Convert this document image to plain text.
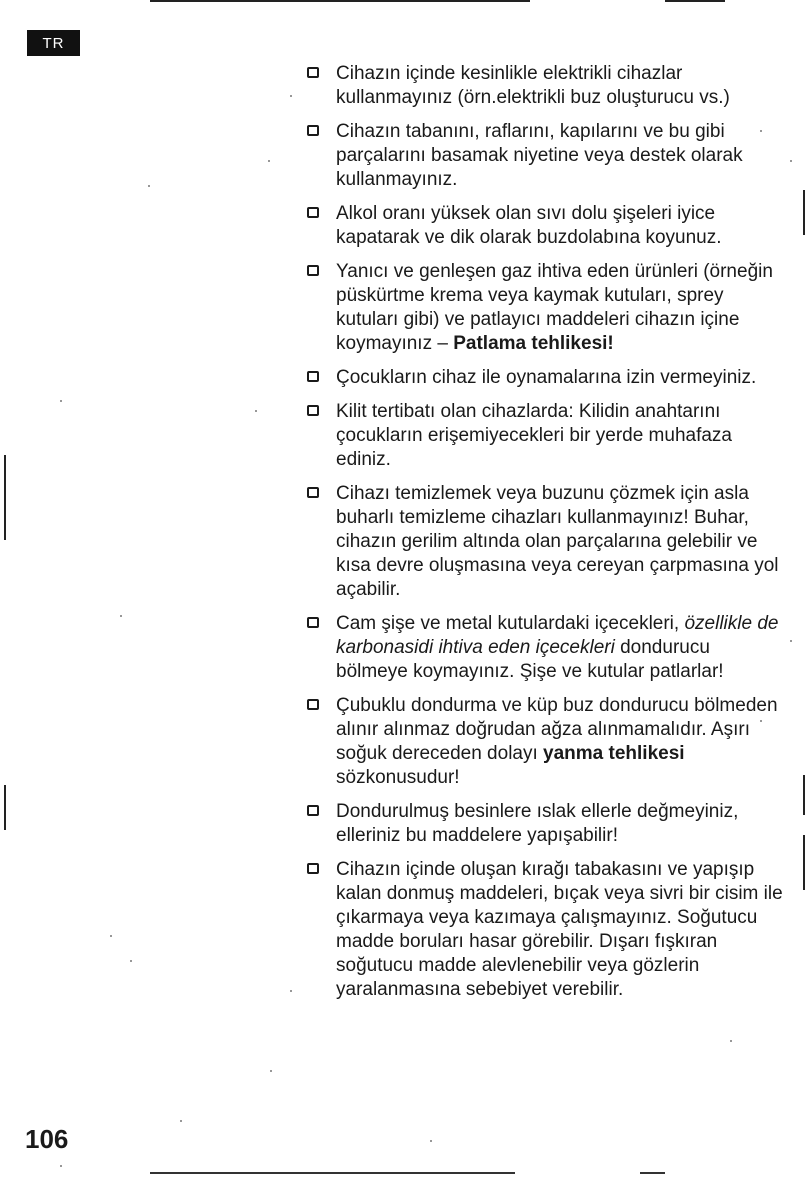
TR

Cihazın içinde kesinlikle elektrikli cihazlar kullanmayınız (örn.elektrikli buz oluşturucu vs.)

Cihazın tabanını, raflarını, kapılarını ve bu gibi parçalarını basamak niyetine veya destek olarak kullanmayınız.

Alkol oranı yüksek olan sıvı dolu şişeleri iyice kapatarak ve dik olarak buzdolabına koyunuz.

Yanıcı ve genleşen gaz ihtiva eden ürünleri (örneğin püskürtme krema veya kaymak kutuları, sprey kutuları gibi) ve patlayıcı maddeleri cihazın içine koymayınız – Patlama tehlikesi!

Çocukların cihaz ile oynamalarına izin vermeyiniz.

Kilit tertibatı olan cihazlarda: Kilidin anahtarını çocukların erişemiyecekleri bir yerde muhafaza ediniz.

Cihazı temizlemek veya buzunu çözmek için asla buharlı temizleme cihazları kullanmayınız! Buhar, cihazın gerilim altında olan parçalarına gelebilir ve kısa devre oluşmasına veya cereyan çarpmasına yol açabilir.

Cam şişe ve metal kutulardaki içecekleri, özellikle de karbonasidi ihtiva eden içecekleri dondurucu bölmeye koymayınız. Şişe ve kutular patlarlar!

Çubuklu dondurma ve küp buz dondurucu bölmeden alınır alınmaz doğrudan ağza alınmamalıdır. Aşırı soğuk dereceden dolayı yanma tehlikesi sözkonusudur!

Dondurulmuş besinlere ıslak ellerle değmeyiniz, elleriniz bu maddelere yapışabilir!

Cihazın içinde oluşan kırağı tabakasını ve yapışıp kalan donmuş maddeleri, bıçak veya sivri bir cisim ile çıkarmaya veya kazımaya çalışmayınız. Soğutucu madde boruları hasar görebilir. Dışarı fışkıran soğutucu madde alevlenebilir veya gözlerin yaralanmasına sebebiyet verebilir.

106
